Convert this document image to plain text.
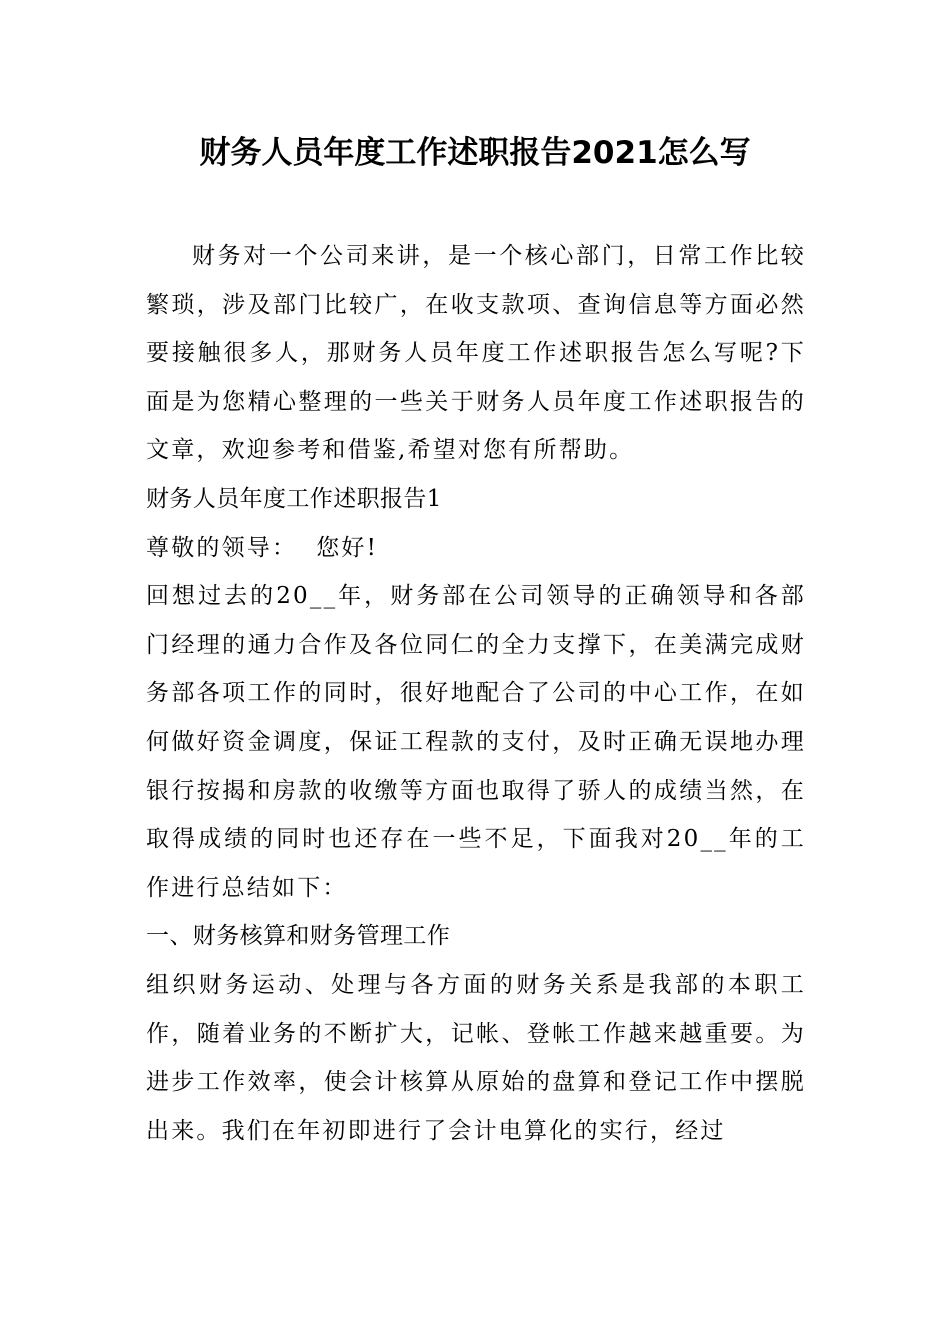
财务人员年度工作述职报告2021怎么写

财务对一个公司来讲，是一个核心部门，日常工作比较繁琐，涉及部门比较广，在收支款项、查询信息等方面必然要接触很多人，那财务人员年度工作述职报告怎么写呢?下面是为您精心整理的一些关于财务人员年度工作述职报告的文章，欢迎参考和借鉴,希望对您有所帮助。

财务人员年度工作述职报告1

尊敬的领导：  您好!

回想过去的20__年，财务部在公司领导的正确领导和各部门经理的通力合作及各位同仁的全力支撑下，在美满完成财务部各项工作的同时，很好地配合了公司的中心工作，在如何做好资金调度，保证工程款的支付，及时正确无误地办理银行按揭和房款的收缴等方面也取得了骄人的成绩当然，在取得成绩的同时也还存在一些不足，下面我对20__年的工作进行总结如下：

一、财务核算和财务管理工作

组织财务运动、处理与各方面的财务关系是我部的本职工作，随着业务的不断扩大，记帐、登帐工作越来越重要。为进步工作效率，使会计核算从原始的盘算和登记工作中摆脱出来。我们在年初即进行了会计电算化的实行，经过
